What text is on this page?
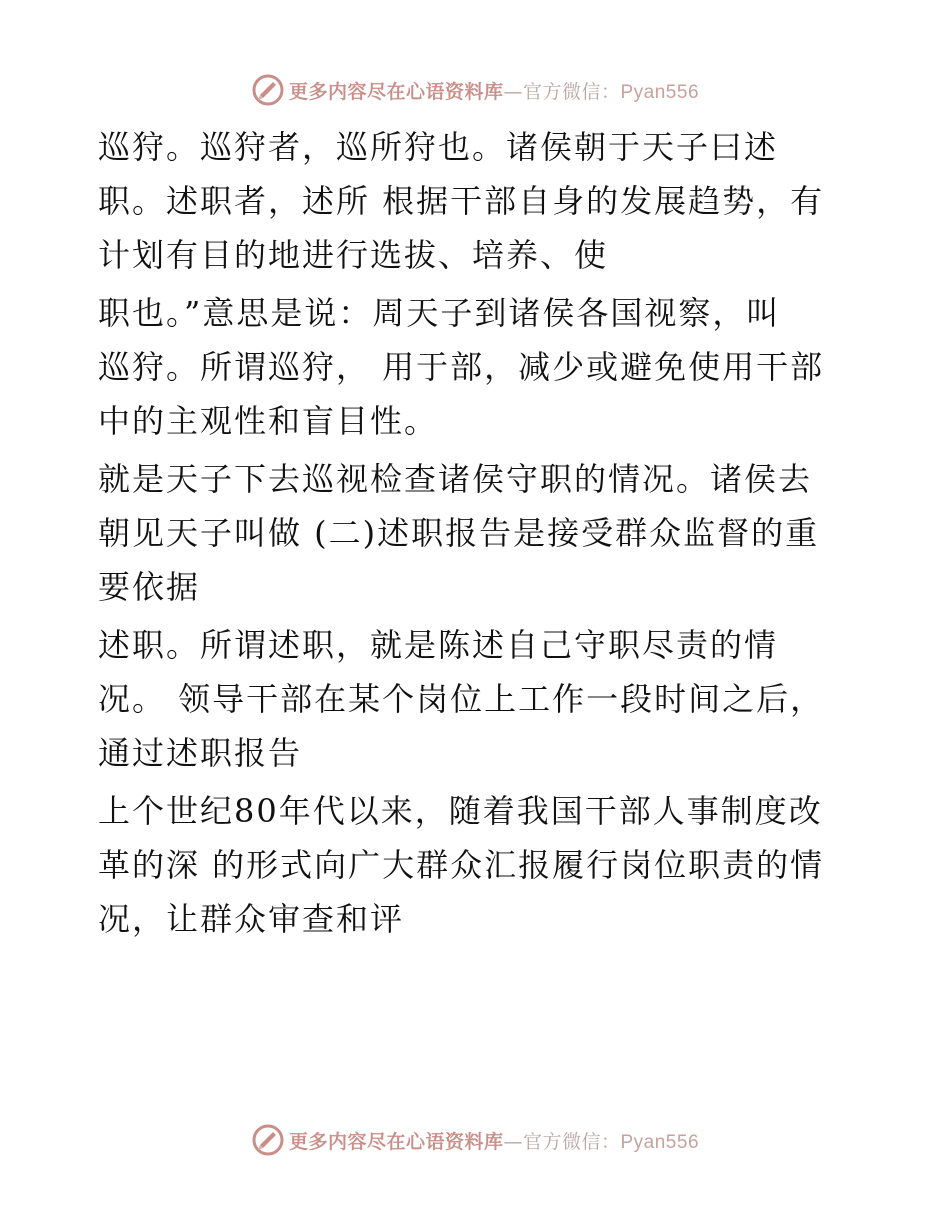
更多内容尽在心语资料库—官方微信：Pyan556

巡狩。巡狩者，巡所狩也。诸侯朝于天子曰述
职。述职者，述所 根据干部自身的发展趋势，有
计划有目的地进行选拔、培养、使

职也。”意思是说：周天子到诸侯各国视察，叫
巡狩。所谓巡狩， 用于部，减少或避免使用干部
中的主观性和盲目性。

就是天子下去巡视检查诸侯守职的情况。诸侯去
朝见天子叫做 (二)述职报告是接受群众监督的重
要依据

述职。所谓述职，就是陈述自己守职尽责的情
况。 领导干部在某个岗位上工作一段时间之后，
通过述职报告

上个世纪80年代以来，随着我国干部人事制度改
革的深 的形式向广大群众汇报履行岗位职责的情
况，让群众审查和评

更多内容尽在心语资料库—官方微信：Pyan556
